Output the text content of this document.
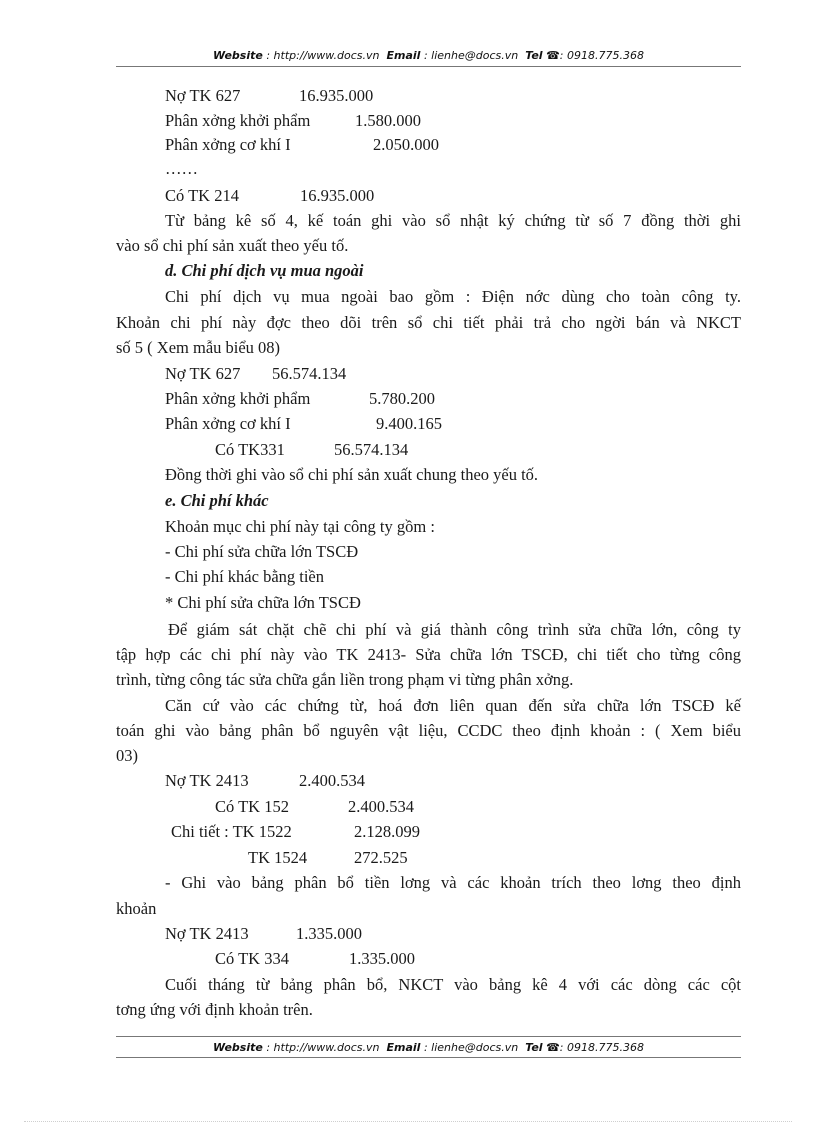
Website : http://www.docs.vn Email : lienhe@docs.vn Tel ☎: 0918.775.368
Nợ TK 627	16.935.000
Phân xởng khởi phẩm	1.580.000
Phân xởng cơ khí I	2.050.000
……
Có TK 214	16.935.000
Từ bảng kê số 4, kế toán ghi vào sổ nhật ký chứng từ số 7 đồng thời ghi
vào sổ chi phí sản xuất theo yếu tố.
d. Chi phí dịch vụ mua ngoài
Chi phí dịch vụ mua ngoài bao gồm : Điện nớc dùng cho toàn công ty.
Khoản chi phí này đợc theo dõi trên sổ chi tiết phải trả cho ngời bán và NKCT
số 5 ( Xem mẫu biểu 08)
Nợ TK 627 56.574.134
Phân xởng khởi phẩm	5.780.200
Phân xởng cơ khí I	9.400.165
Có TK331	56.574.134
Đồng thời ghi vào sổ chi phí sản xuất chung theo yếu tố.
e. Chi phí khác
Khoản mục chi phí này tại công ty gồm :
- Chi phí sửa chữa lớn TSCĐ
- Chi phí khác bằng tiền
* Chi phí sửa chữa lớn TSCĐ
Để giám sát chặt chẽ chi phí và giá thành công trình sửa chữa lớn, công ty
tập hợp các chi phí này vào TK 2413- Sửa chữa lớn TSCĐ, chi tiết cho từng công
trình, từng công tác sửa chữa gắn liền trong phạm vi từng phân xởng.
Căn cứ vào các chứng từ, hoá đơn liên quan đến sửa chữa lớn TSCĐ kế
toán ghi vào bảng phân bổ nguyên vật liệu, CCDC theo định khoản : ( Xem biểu
03)
Nợ TK 2413	2.400.534
Có TK 152	2.400.534
Chi tiết : TK 1522	2.128.099
TK 1524	272.525
- Ghi vào bảng phân bổ tiền lơng và các khoản trích theo lơng theo định
khoản
Nợ TK 2413	1.335.000
Có TK 334	1.335.000
Cuối tháng từ bảng phân bổ, NKCT vào bảng kê 4 với các dòng các cột
tơng ứng với định khoản trên.
Website : http://www.docs.vn Email : lienhe@docs.vn Tel ☎: 0918.775.368
